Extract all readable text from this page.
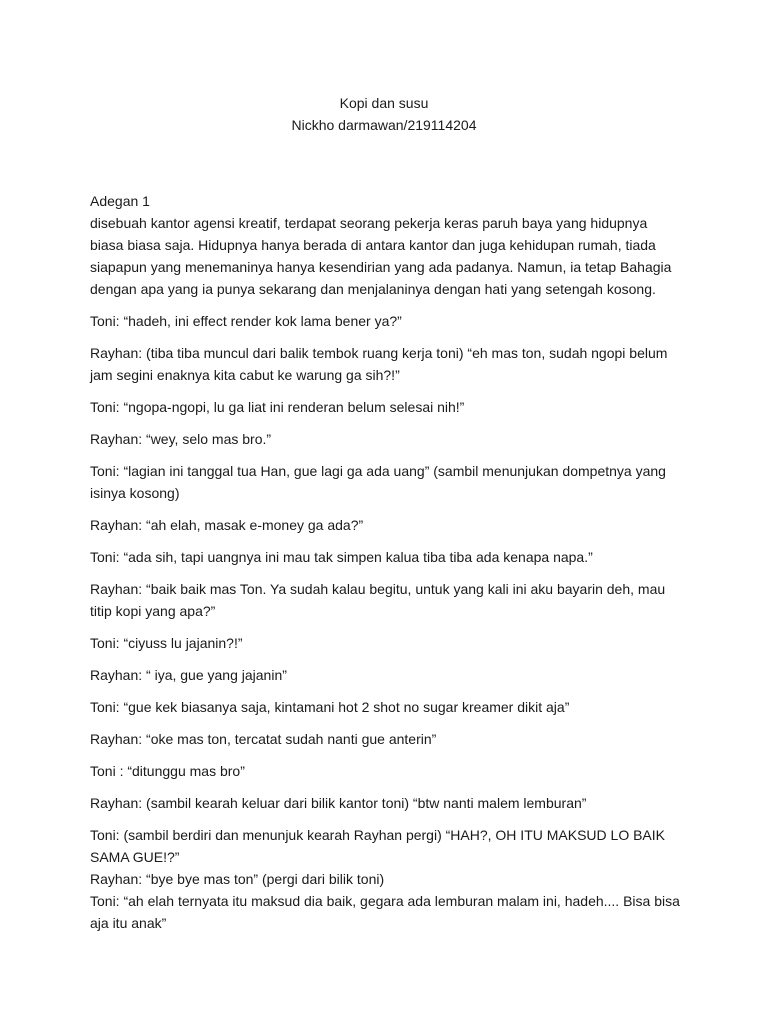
Kopi dan susu
Nickho darmawan/219114204

Adegan 1

disebuah kantor agensi kreatif, terdapat seorang pekerja keras paruh baya yang hidupnya biasa biasa saja. Hidupnya hanya berada di antara kantor dan juga kehidupan rumah, tiada siapapun yang menemaninya hanya kesendirian yang ada padanya. Namun, ia tetap Bahagia dengan apa yang ia punya sekarang dan menjalaninya dengan hati yang setengah kosong.

Toni: “hadeh, ini effect render kok lama bener ya?”

Rayhan: (tiba tiba muncul dari balik tembok ruang kerja toni) “eh mas ton, sudah ngopi belum jam segini enaknya kita cabut ke warung ga sih?!”

Toni: “ngopa-ngopi, lu ga liat ini renderan belum selesai nih!”

Rayhan: “wey, selo mas bro.”

Toni: “lagian ini tanggal tua Han, gue lagi ga ada uang” (sambil menunjukan dompetnya yang isinya kosong)

Rayhan: “ah elah, masak e-money ga ada?”

Toni: “ada sih, tapi uangnya ini mau tak simpen kalua tiba tiba ada kenapa napa.”

Rayhan: “baik baik mas Ton. Ya sudah kalau begitu, untuk yang kali ini aku bayarin deh, mau titip kopi yang apa?”

Toni: “ciyuss lu jajanin?!”

Rayhan: “ iya, gue yang jajanin”

Toni: “gue kek biasanya saja, kintamani hot 2 shot no sugar kreamer dikit aja”

Rayhan: “oke mas ton, tercatat sudah nanti gue anterin”

Toni : “ditunggu mas bro”

Rayhan: (sambil kearah keluar dari bilik kantor toni) “btw nanti malem lemburan”

Toni: (sambil berdiri dan menunjuk kearah Rayhan pergi) “HAH?, OH ITU MAKSUD LO BAIK SAMA GUE!?”

Rayhan: “bye bye mas ton” (pergi dari bilik toni)

Toni: “ah elah ternyata itu maksud dia baik, gegara ada lemburan malam ini, hadeh.... Bisa bisa aja itu anak”
